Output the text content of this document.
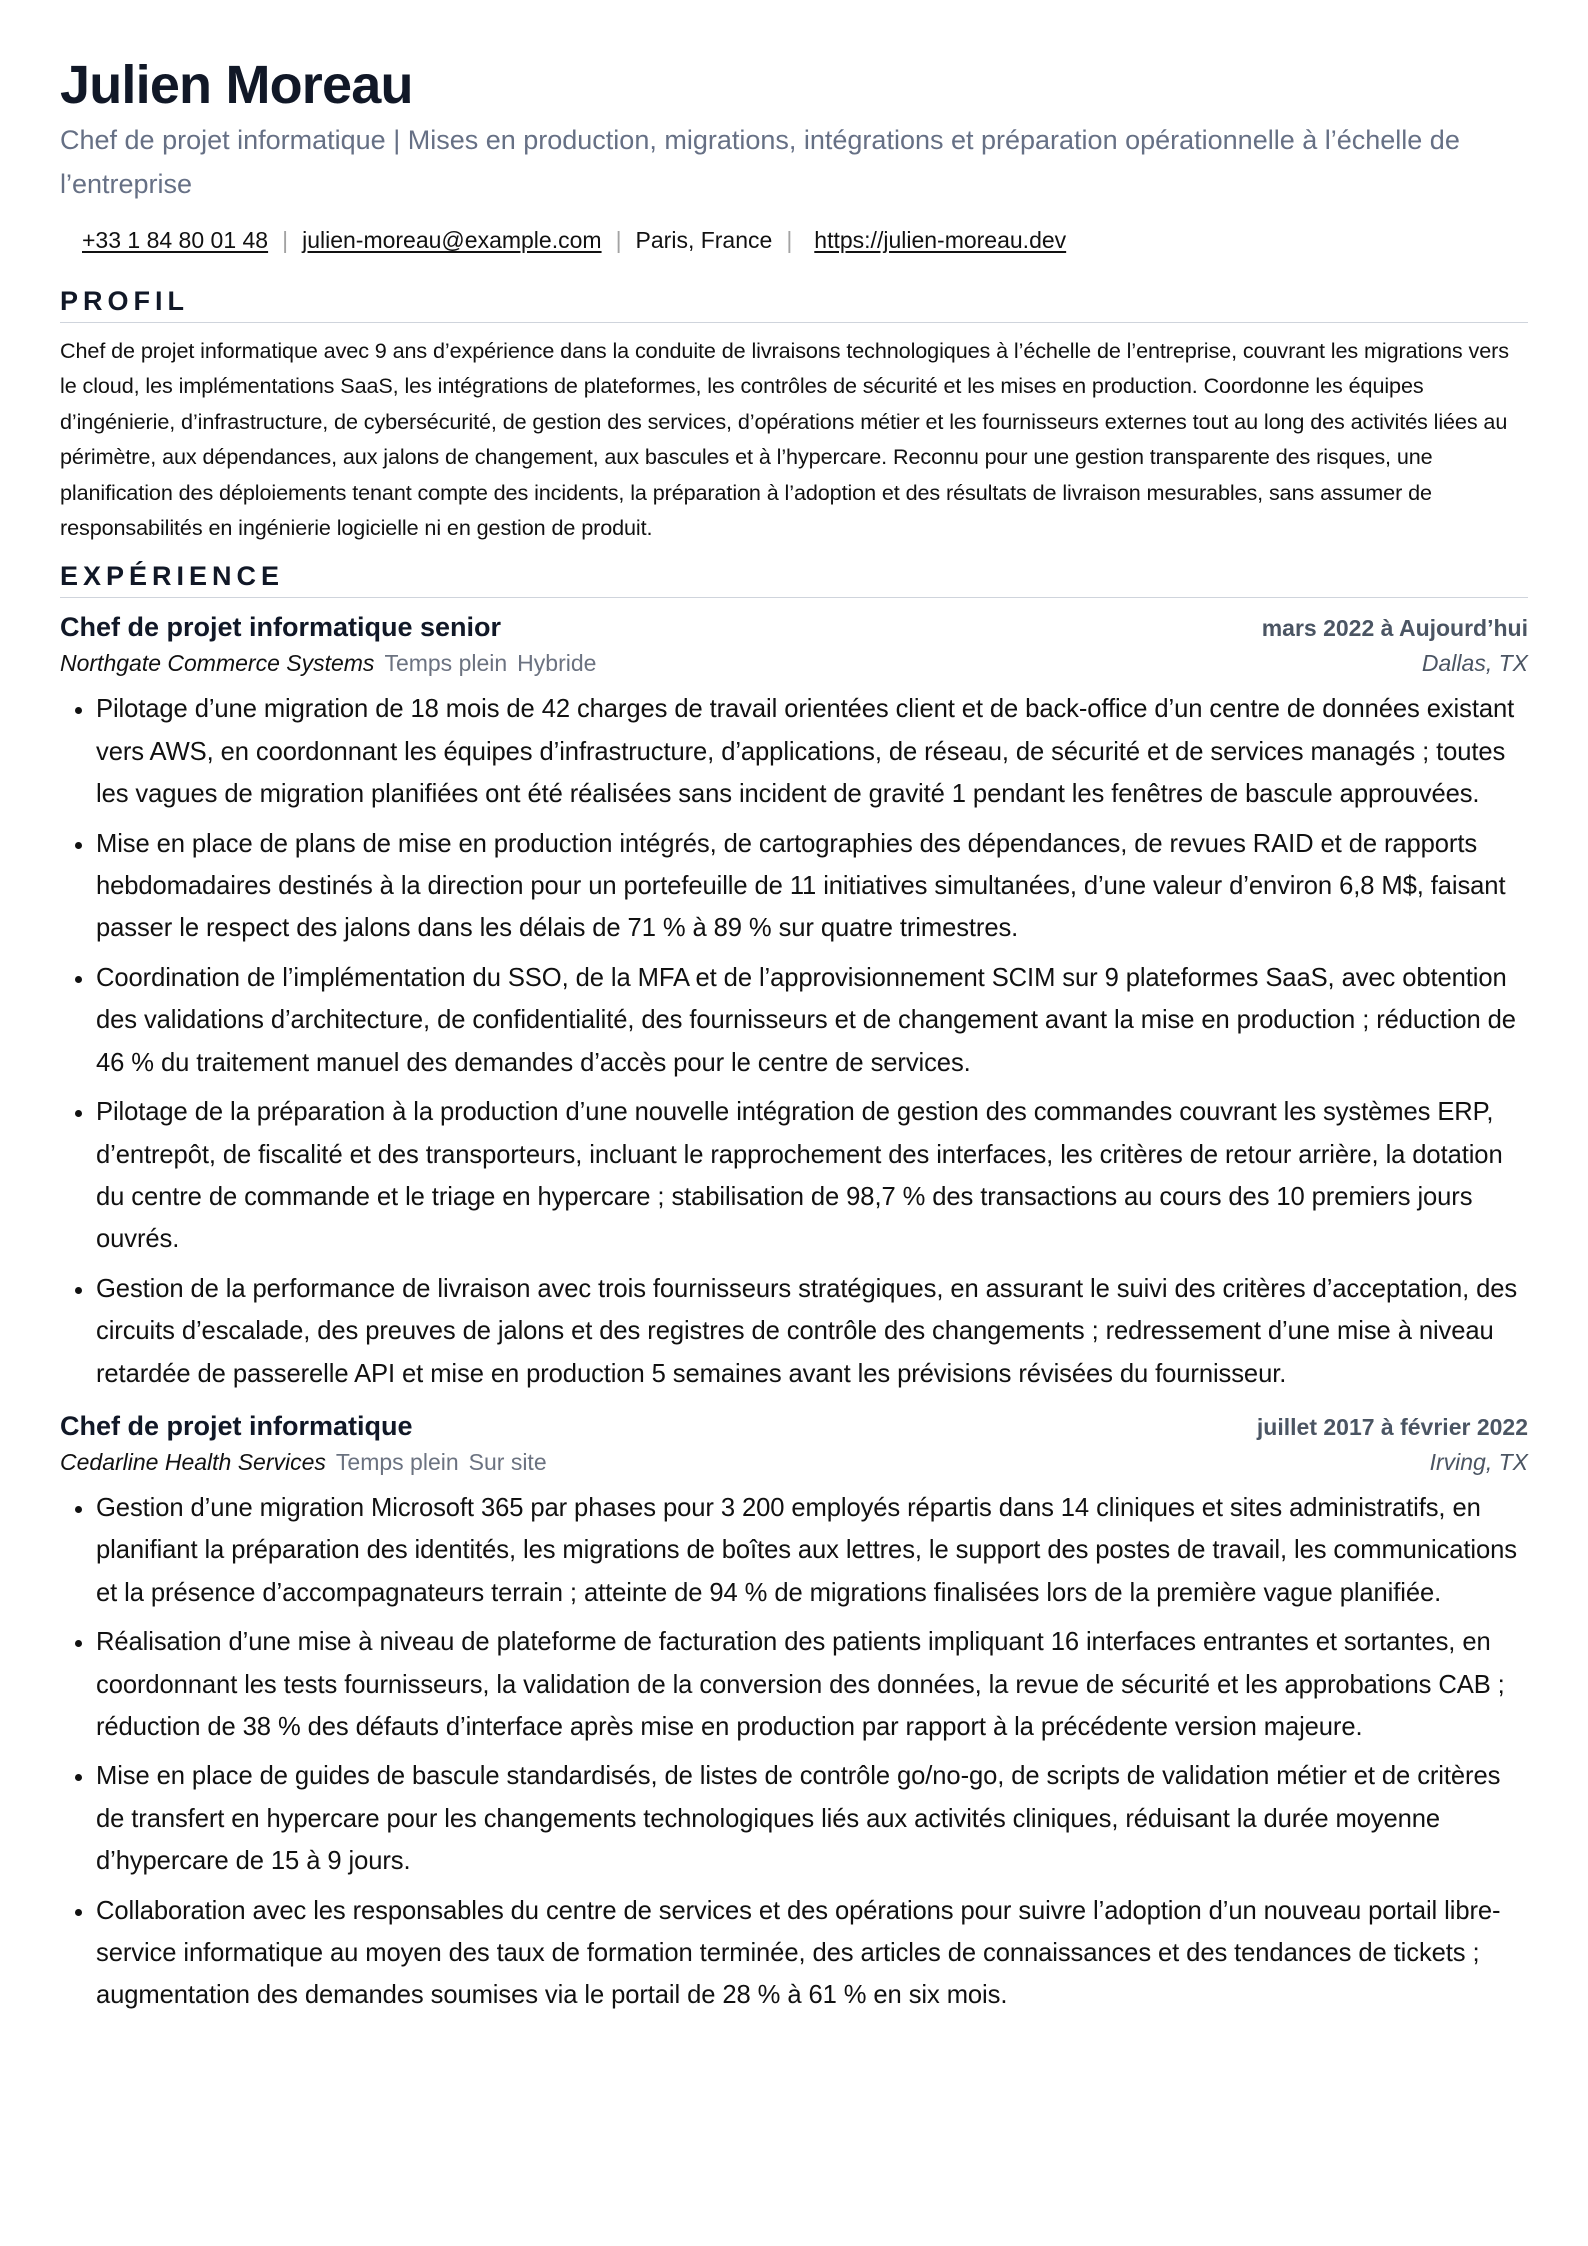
Julien Moreau

Chef de projet informatique | Mises en production, migrations, intégrations et préparation opérationnelle à l’échelle de l’entreprise

+33 1 84 80 01 48 | julien-moreau@example.com | Paris, France | https://julien-moreau.dev
PROFIL

Chef de projet informatique avec 9 ans d’expérience dans la conduite de livraisons technologiques à l’échelle de l’entreprise, couvrant les migrations vers le cloud, les implémentations SaaS, les intégrations de plateformes, les contrôles de sécurité et les mises en production. Coordonne les équipes d’ingénierie, d’infrastructure, de cybersécurité, de gestion des services, d’opérations métier et les fournisseurs externes tout au long des activités liées au périmètre, aux dépendances, aux jalons de changement, aux bascules et à l’hypercare. Reconnu pour une gestion transparente des risques, une planification des déploiements tenant compte des incidents, la préparation à l’adoption et des résultats de livraison mesurables, sans assumer de responsabilités en ingénierie logicielle ni en gestion de produit.

EXPÉRIENCE
Chef de projet informatique senior	mars 2022 à Aujourd’hui
Northgate Commerce Systems Temps plein Hybride	Dallas, TX
• Pilotage d’une migration de 18 mois de 42 charges de travail orientées client et de back-office d’un centre de données existant vers AWS, en coordonnant les équipes d’infrastructure, d’applications, de réseau, de sécurité et de services managés ; toutes les vagues de migration planifiées ont été réalisées sans incident de gravité 1 pendant les fenêtres de bascule approuvées.
• Mise en place de plans de mise en production intégrés, de cartographies des dépendances, de revues RAID et de rapports hebdomadaires destinés à la direction pour un portefeuille de 11 initiatives simultanées, d’une valeur d’environ 6,8 M$, faisant passer le respect des jalons dans les délais de 71 % à 89 % sur quatre trimestres.
• Coordination de l’implémentation du SSO, de la MFA et de l’approvisionnement SCIM sur 9 plateformes SaaS, avec obtention des validations d’architecture, de confidentialité, des fournisseurs et de changement avant la mise en production ; réduction de 46 % du traitement manuel des demandes d’accès pour le centre de services.
• Pilotage de la préparation à la production d’une nouvelle intégration de gestion des commandes couvrant les systèmes ERP, d’entrepôt, de fiscalité et des transporteurs, incluant le rapprochement des interfaces, les critères de retour arrière, la dotation du centre de commande et le triage en hypercare ; stabilisation de 98,7 % des transactions au cours des 10 premiers jours ouvrés.
• Gestion de la performance de livraison avec trois fournisseurs stratégiques, en assurant le suivi des critères d’acceptation, des circuits d’escalade, des preuves de jalons et des registres de contrôle des changements ; redressement d’une mise à niveau retardée de passerelle API et mise en production 5 semaines avant les prévisions révisées du fournisseur.
Chef de projet informatique	juillet 2017 à février 2022
Cedarline Health Services Temps plein Sur site	Irving, TX
• Gestion d’une migration Microsoft 365 par phases pour 3 200 employés répartis dans 14 cliniques et sites administratifs, en planifiant la préparation des identités, les migrations de boîtes aux lettres, le support des postes de travail, les communications et la présence d’accompagnateurs terrain ; atteinte de 94 % de migrations finalisées lors de la première vague planifiée.
• Réalisation d’une mise à niveau de plateforme de facturation des patients impliquant 16 interfaces entrantes et sortantes, en coordonnant les tests fournisseurs, la validation de la conversion des données, la revue de sécurité et les approbations CAB ; réduction de 38 % des défauts d’interface après mise en production par rapport à la précédente version majeure.
• Mise en place de guides de bascule standardisés, de listes de contrôle go/no-go, de scripts de validation métier et de critères de transfert en hypercare pour les changements technologiques liés aux activités cliniques, réduisant la durée moyenne d’hypercare de 15 à 9 jours.
• Collaboration avec les responsables du centre de services et des opérations pour suivre l’adoption d’un nouveau portail libre-service informatique au moyen des taux de formation terminée, des articles de connaissances et des tendances de tickets ; augmentation des demandes soumises via le portail de 28 % à 61 % en six mois.
